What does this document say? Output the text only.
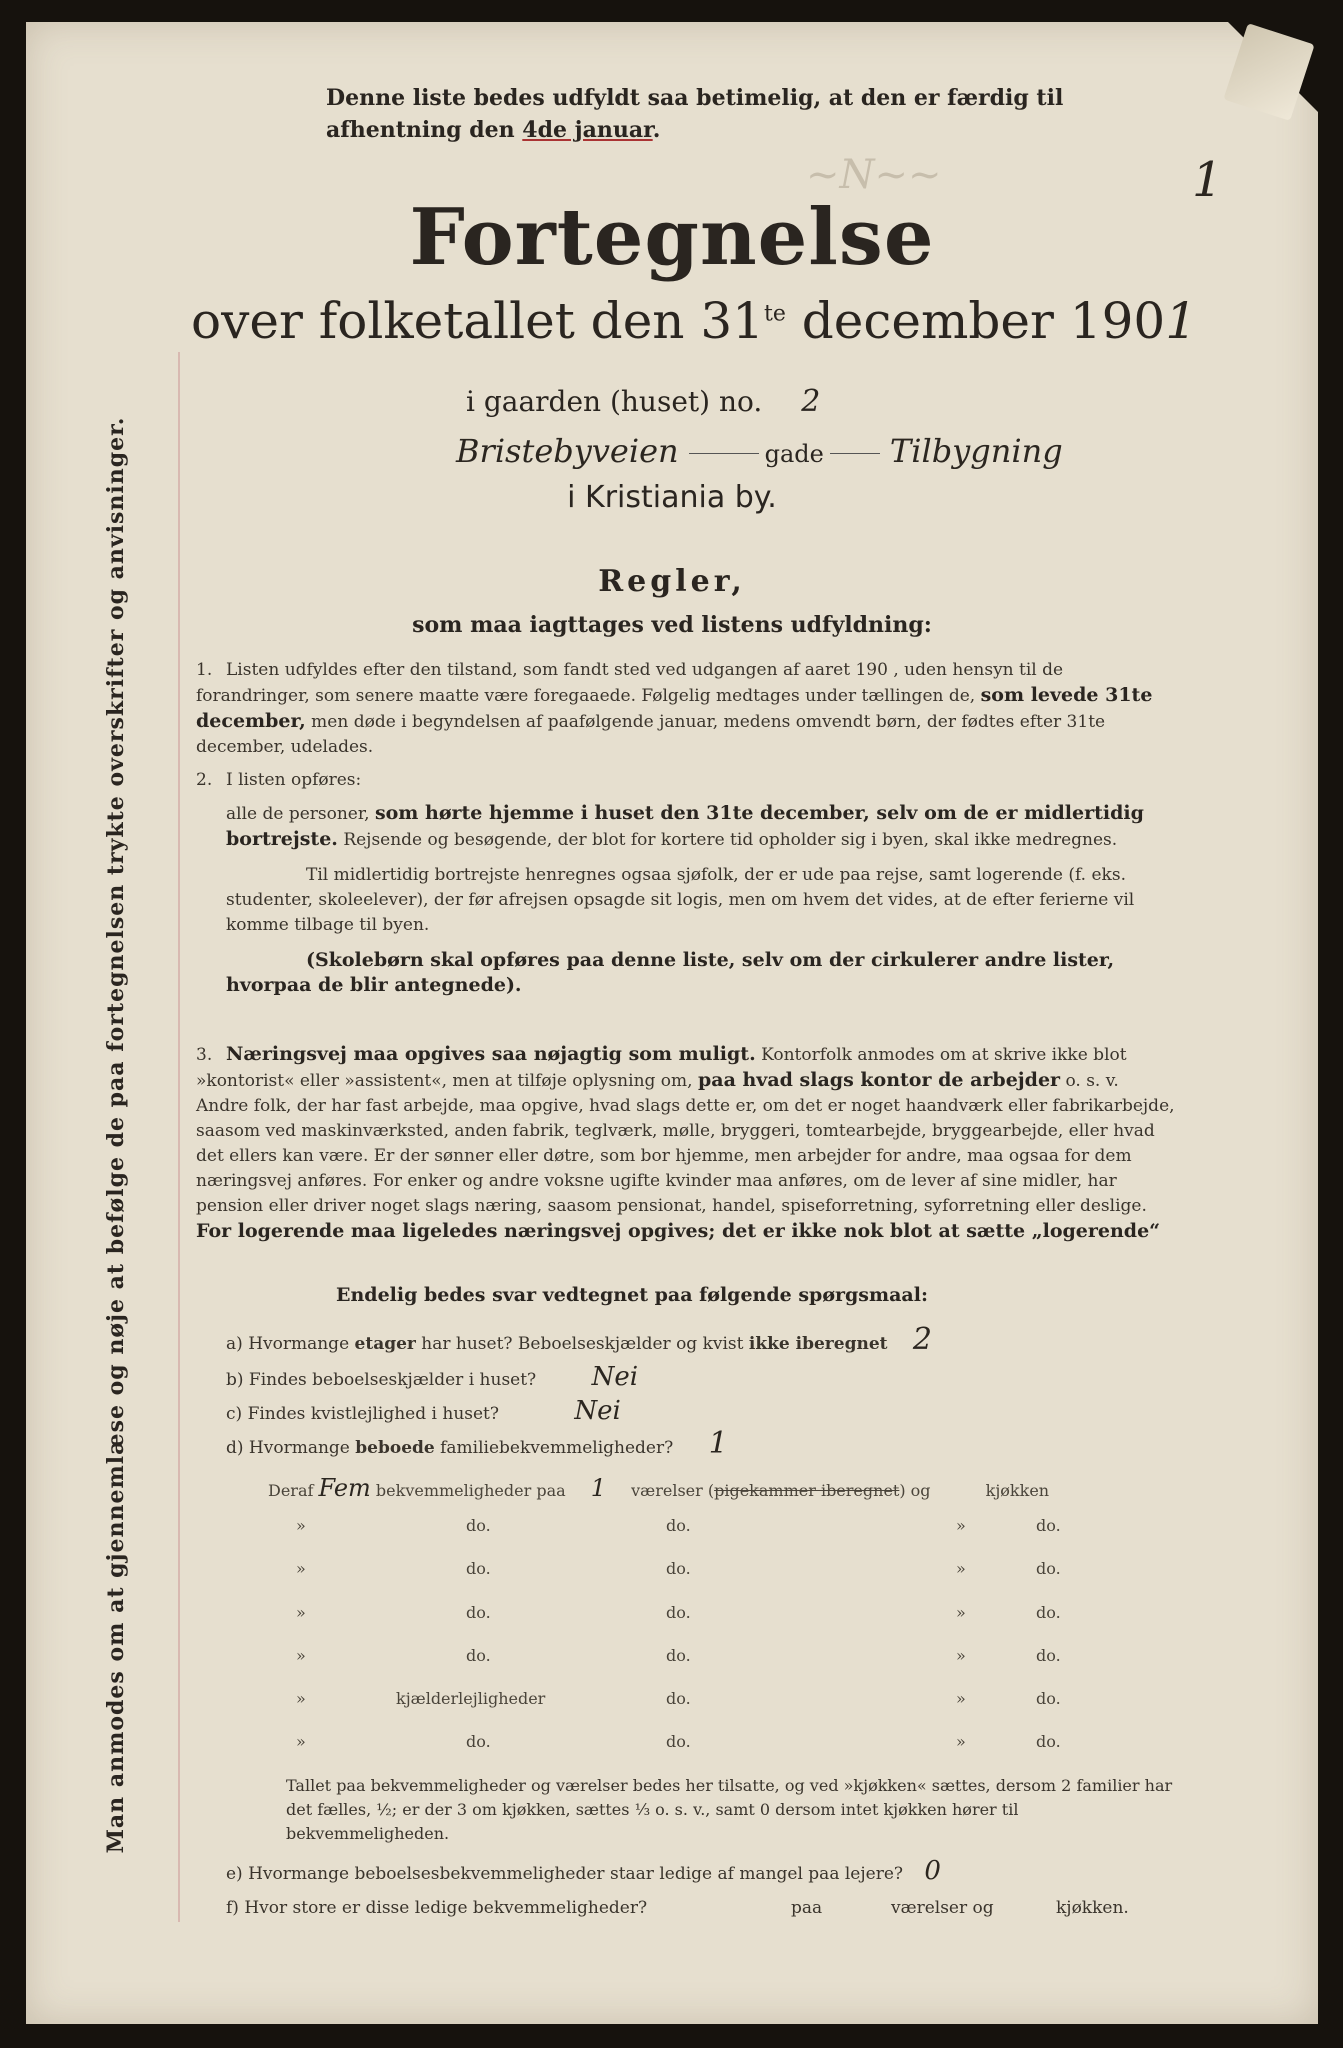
Man anmodes om at gjennemlæse og nøje at befølge de paa fortegnelsen trykte overskrifter og anvisninger.
Denne liste bedes udfyldt saa betimelig, at den er færdig til
afhentning den 4de januar.
~N~~	1
Fortegnelse
over folketallet den $31^{te}$ december 1901
i gaarden (huset) no. 2
Bristebyveien	gade Tilbygning
i Kristiania by.
Regler,
som maa iagttages ved listens udfyldning:
1. Listen udfyldes efter den tilstand, som fandt sted ved udgangen af aaret 190 , uden hensyn til de forandringer, som senere maatte være foregaaede. Følgelig medtages under tællingen de, som levede 31te december, men døde i begyndelsen af paafølgende januar, medens omvendt børn, der fødtes efter 31te december, udelades.
2. I listen opføres:
alle de personer, som hørte hjemme i huset den 31te december, selv om de er midlertidig bortrejste. Rejsende og besøgende, der blot for kortere tid opholder sig i byen, skal ikke medregnes.
Til midlertidig bortrejste henregnes ogsaa sjøfolk, der er ude paa rejse, samt logerende (f. eks. studenter, skoleelever), der før afrejsen opsagde sit logis, men om hvem det vides, at de efter ferierne vil komme tilbage til byen.
(Skolebørn skal opføres paa denne liste, selv om der cirkulerer andre lister, hvorpaa de blir antegnede).
3. Næringsvej maa opgives saa nøjagtig som muligt. Kontorfolk anmodes om at skrive ikke blot »kontorist« eller »assistent«, men at tilføje oplysning om, paa hvad slags kontor de arbejder o. s. v. Andre folk, der har fast arbejde, maa opgive, hvad slags dette er, om det er noget haandværk eller fabrikarbejde, saasom ved maskinværksted, anden fabrik, teglværk, mølle, bryggeri, tomtearbejde, bryggearbejde, eller hvad det ellers kan være. Er der sønner eller døtre, som bor hjemme, men arbejder for andre, maa ogsaa for dem næringsvej anføres. For enker og andre voksne ugifte kvinder maa anføres, om de lever af sine midler, har pension eller driver noget slags næring, saasom pensionat, handel, spiseforretning, syforretning eller deslige. For logerende maa ligeledes næringsvej opgives; det er ikke nok blot at sætte „logerende“
Endelig bedes svar vedtegnet paa følgende spørgsmaal:
a) Hvormange etager har huset? Beboelseskjælder og kvist ikke iberegnet 2
b) Findes beboelseskjælder i huset? Nei
c) Findes kvistlejlighed i huset?	Nei
d) Hvormange beboede familiebekvemmeligheder? 1
Deraf Fem bekvemmeligheder paa 1 værelser (pigekammer iberegnet) og	kjøkken
»	do.	do.	»	do.
»	do.	do.	»	do.
»	do.	do.	»	do.
»	do.	do.	»	do.
»	kjælderlejligheder	do.	»	do.
»	do.	do.	»	do.
Tallet paa bekvemmeligheder og værelser bedes her tilsatte, og ved »kjøkken« sættes, dersom 2 familier har det fælles, ½; er der 3 om kjøkken, sættes ⅓ o. s. v., samt 0 dersom intet kjøkken hører til bekvemmeligheden.
e) Hvormange beboelsesbekvemmeligheder staar ledige af mangel paa lejere? 0
f) Hvor store er disse ledige bekvemmeligheder?	paa	værelser og	kjøkken.
